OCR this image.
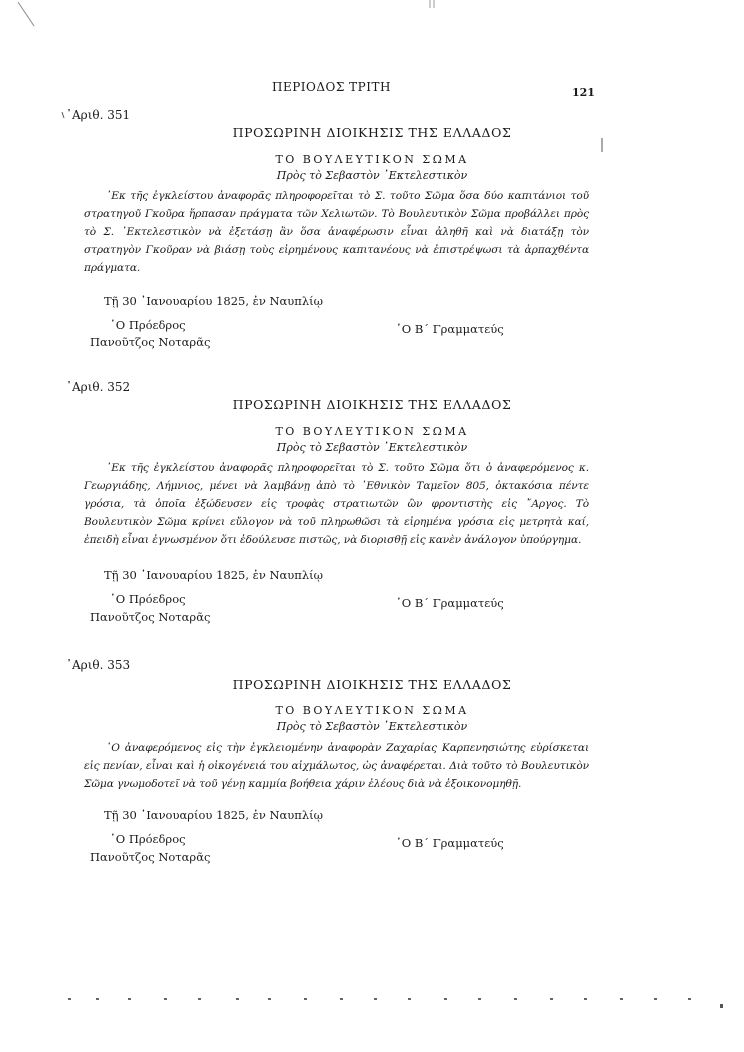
ΠΕΡΙΟΔΟΣ ΤΡΙΤΗ	121
᾿Αριθ. 351
ΠΡΟΣΩΡΙΝΗ ΔΙΟΙΚΗΣΙΣ ΤΗΣ ΕΛΛΑΔΟΣ
ΤΟ ΒΟΥΛΕΥΤΙΚΟΝ ΣΩΜΑ
Πρὸς τὸ Σεβαστὸν ᾿Εκτελεστικὸν

᾿Εκ τῆς ἐγκλείστου ἀναφορᾶς πληροφορεῖται τὸ Σ. τοῦτο Σῶμα ὅσα δύο καπιτάνιοι τοῦ στρατηγοῦ Γκοῦρα ἥρπασαν πράγματα τῶν Χελιωτῶν. Τὸ Βουλευτικὸν Σῶμα προβάλλει πρὸς τὸ Σ. ᾿Εκτελεστικὸν νὰ ἐξετάσῃ ἂν ὅσα ἀναφέρωσιν εἶναι ἀληθῆ καὶ νὰ διατάξῃ τὸν στρατηγὸν Γκοῦραν νὰ βιάσῃ τοὺς εἰρημένους καπιτανέους νὰ ἐπιστρέψωσι τὰ ἁρπαχθέντα πράγματα.

Τῇ 30 ᾿Ιανουαρίου 1825, ἐν Ναυπλίῳ
῾Ο Πρόεδρος	῾Ο Β΄ Γραμματεύς
Πανοῦτζος Νοταρᾶς
᾿Αριθ. 352
ΠΡΟΣΩΡΙΝΗ ΔΙΟΙΚΗΣΙΣ ΤΗΣ ΕΛΛΑΔΟΣ
ΤΟ ΒΟΥΛΕΥΤΙΚΟΝ ΣΩΜΑ
Πρὸς τὸ Σεβαστὸν ᾿Εκτελεστικὸν

᾿Εκ τῆς ἐγκλείστου ἀναφορᾶς πληροφορεῖται τὸ Σ. τοῦτο Σῶμα ὅτι ὁ ἀναφερόμενος κ. Γεωργιάδης, Λήμνιος, μένει νὰ λαμβάνῃ ἀπὸ τὸ ᾿Εθνικὸν Ταμεῖον 805, ὀκτακόσια πέντε γρόσια, τὰ ὁποῖα ἐξώδευσεν εἰς τροφὰς στρατιωτῶν ὢν φροντιστὴς εἰς ῎Αργος. Τὸ Βουλευτικὸν Σῶμα κρίνει εὔλογον νὰ τοῦ πληρωθῶσι τὰ εἰρημένα γρόσια εἰς μετρητὰ καί, ἐπειδὴ εἶναι ἐγνωσμένον ὅτι ἐδούλευσε πιστῶς, νὰ διορισθῇ εἰς κανὲν ἀνάλογον ὑπούργημα.

Τῇ 30 ᾿Ιανουαρίου 1825, ἐν Ναυπλίῳ
῾Ο Πρόεδρος	῾Ο Β΄ Γραμματεύς
Πανοῦτζος Νοταρᾶς
᾿Αριθ. 353
ΠΡΟΣΩΡΙΝΗ ΔΙΟΙΚΗΣΙΣ ΤΗΣ ΕΛΛΑΔΟΣ
ΤΟ ΒΟΥΛΕΥΤΙΚΟΝ ΣΩΜΑ
Πρὸς τὸ Σεβαστὸν ᾿Εκτελεστικὸν

῾Ο ἀναφερόμενος εἰς τὴν ἐγκλειομένην ἀναφορὰν Ζαχαρίας Καρπενησιώτης εὑρίσκεται εἰς πενίαν, εἶναι καὶ ἡ οἰκογένειά του αἰχμάλωτος, ὡς ἀναφέρεται. Διὰ τοῦτο τὸ Βουλευτικὸν Σῶμα γνωμοδοτεῖ νὰ τοῦ γένῃ καμμία βοήθεια χάριν ἐλέους διὰ νὰ ἐξοικονομηθῇ.

Τῇ 30 ᾿Ιανουαρίου 1825, ἐν Ναυπλίῳ
῾Ο Πρόεδρος	῾Ο Β΄ Γραμματεύς
Πανοῦτζος Νοταρᾶς
